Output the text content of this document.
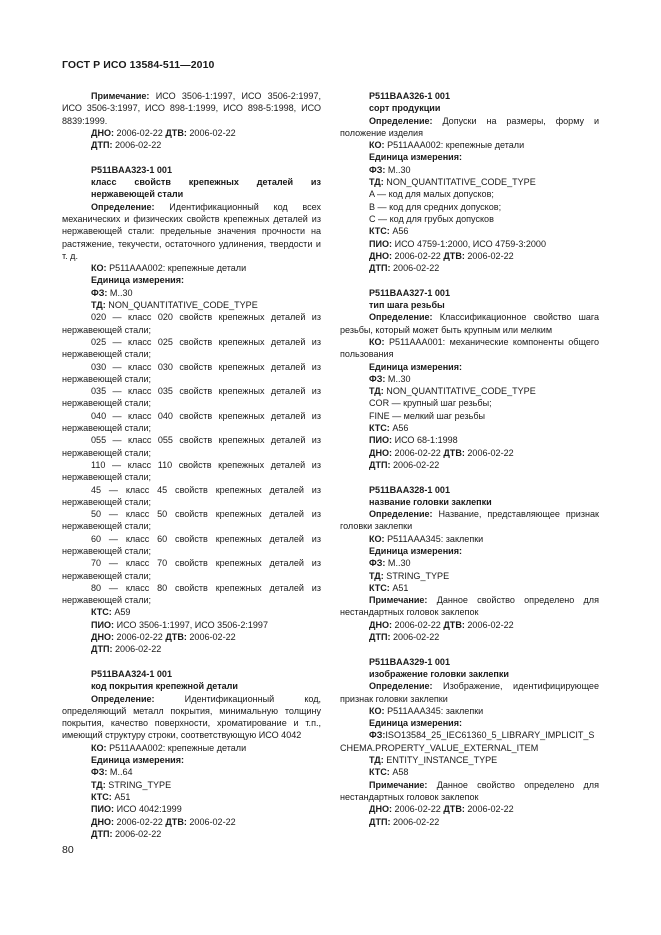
ГОСТ Р ИСО 13584-511—2010

Примечание: ИСО 3506-1:1997, ИСО 3506-2:1997, ИСО 3506-3:1997, ИСО 898-1:1999, ИСО 898-5:1998, ИСО 8839:1999.

ДНО: 2006-02-22 ДТВ: 2006-02-22

ДТП: 2006-02-22

P511BAA323-1 001

класс свойств крепежных деталей из нержавеющей стали

Определение: Идентификационный код всех механических и физических свойств крепежных деталей из нержавеющей стали: предельные значения прочности на растяжение, текучести, остаточного удлинения, твердости и т. д.

КО: P511AAA002: крепежные детали

Единица измерения:

ФЗ: M..30

ТД: NON_QUANTITATIVE_CODE_TYPE

020 — класс 020 свойств крепежных деталей из нержавеющей стали;

025 — класс 025 свойств крепежных деталей из нержавеющей стали;

030 — класс 030 свойств крепежных деталей из нержавеющей стали;

035 — класс 035 свойств крепежных деталей из нержавеющей стали;

040 — класс 040 свойств крепежных деталей из нержавеющей стали;

055 — класс 055 свойств крепежных деталей из нержавеющей стали;

110 — класс 110 свойств крепежных деталей из нержавеющей стали;

45 — класс 45 свойств крепежных деталей из нержавеющей стали;

50 — класс 50 свойств крепежных деталей из нержавеющей стали;

60 — класс 60 свойств крепежных деталей из нержавеющей стали;

70 — класс 70 свойств крепежных деталей из нержавеющей стали;

80 — класс 80 свойств крепежных деталей из нержавеющей стали;

КТС: A59

ПИО: ИСО 3506-1:1997, ИСО 3506-2:1997

ДНО: 2006-02-22 ДТВ: 2006-02-22

ДТП: 2006-02-22

P511BAA324-1 001

код покрытия крепежной детали

Определение: Идентификационный код, определяющий металл покрытия, минимальную толщину покрытия, качество поверхности, хроматирование и т.п., имеющий структуру строки, соответствующую ИСО 4042

КО: P511AAA002: крепежные детали

Единица измерения:

ФЗ: M..64

ТД: STRING_TYPE

КТС: A51

ПИО: ИСО 4042:1999

ДНО: 2006-02-22 ДТВ: 2006-02-22

ДТП: 2006-02-22

P511BAA326-1 001

сорт продукции

Определение: Допуски на размеры, форму и положение изделия

КО: P511AAA002: крепежные детали

Единица измерения:

ФЗ: M..30

ТД: NON_QUANTITATIVE_CODE_TYPE

A — код для малых допусков;

B — код для средних допусков;

C — код для грубых допусков

КТС: A56

ПИО: ИСО 4759-1:2000, ИСО 4759-3:2000

ДНО: 2006-02-22 ДТВ: 2006-02-22

ДТП: 2006-02-22

P511BAA327-1 001

тип шага резьбы

Определение: Классификационное свойство шага резьбы, который может быть крупным или мелким

КО: P511AAA001: механические компоненты общего пользования

Единица измерения:

ФЗ: M..30

ТД: NON_QUANTITATIVE_CODE_TYPE

COR — крупный шаг резьбы;

FINE — мелкий шаг резьбы

КТС: A56

ПИО: ИСО 68-1:1998

ДНО: 2006-02-22 ДТВ: 2006-02-22

ДТП: 2006-02-22

P511BAA328-1 001

название головки заклепки

Определение: Название, представляющее признак головки заклепки

КО: P511AAA345: заклепки

Единица измерения:

ФЗ: M..30

ТД: STRING_TYPE

КТС: A51

Примечание: Данное свойство определено для нестандартных головок заклепок

ДНО: 2006-02-22 ДТВ: 2006-02-22

ДТП: 2006-02-22

P511BAA329-1 001

изображение головки заклепки

Определение: Изображение, идентифицирующее признак головки заклепки

КО: P511AAA345: заклепки

Единица измерения:

ФЗ:ISO13584_25_IEC61360_5_LIBRARY_IMPLICIT_SCHEMA.PROPERTY_VALUE_EXTERNAL_ITEM

ТД: ENTITY_INSTANCE_TYPE

КТС: A58

Примечание: Данное свойство определено для нестандартных головок заклепок

ДНО: 2006-02-22 ДТВ: 2006-02-22

ДТП: 2006-02-22

80
